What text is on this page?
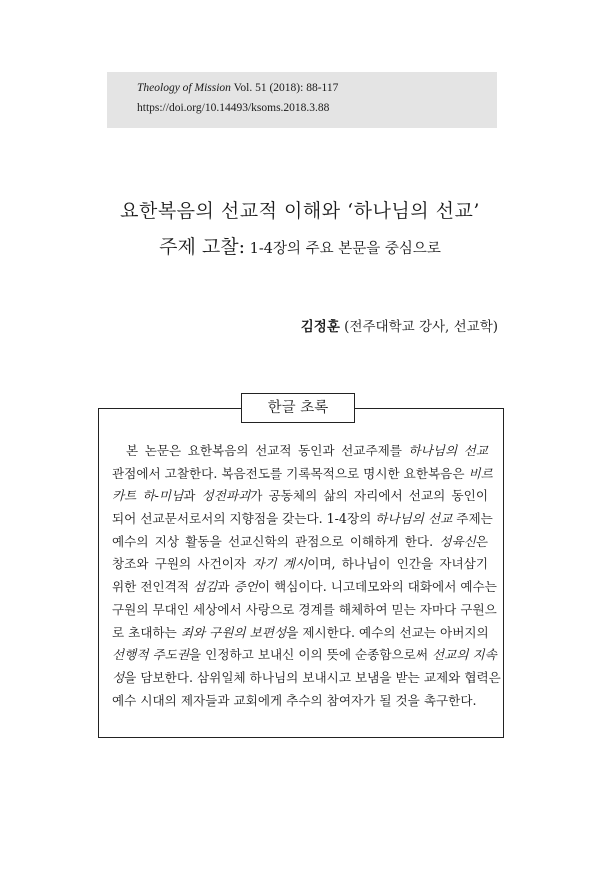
Theology of Mission Vol. 51 (2018): 88-117
https://doi.org/10.14493/ksoms.2018.3.88
요한복음의 선교적 이해와 ‘하나님의 선교’
주제 고찰: 1-4장의 주요 본문을 중심으로
김정훈 (전주대학교 강사, 선교학)
한글 초록
본 논문은 요한복음의 선교적 동인과 선교주제를 하나님의 선교
관점에서 고찰한다. 복음전도를 기록목적으로 명시한 요한복음은 비르
카트 하-미님과 성전파괴가 공동체의 삶의 자리에서 선교의 동인이
되어 선교문서로서의 지향점을 갖는다. 1-4장의 하나님의 선교 주제는
예수의 지상 활동을 선교신학의 관점으로 이해하게 한다. 성육신은
창조와 구원의 사건이자 자기 계시이며, 하나님이 인간을 자녀삼기
위한 전인격적 섬김과 증언이 핵심이다. 니고데모와의 대화에서 예수는
구원의 무대인 세상에서 사랑으로 경계를 해체하여 믿는 자마다 구원으
로 초대하는 죄와 구원의 보편성을 제시한다. 예수의 선교는 아버지의
선행적 주도권을 인정하고 보내신 이의 뜻에 순종함으로써 선교의 지속
성을 담보한다. 삼위일체 하나님의 보내시고 보냄을 받는 교제와 협력은
예수 시대의 제자들과 교회에게 추수의 참여자가 될 것을 촉구한다.
